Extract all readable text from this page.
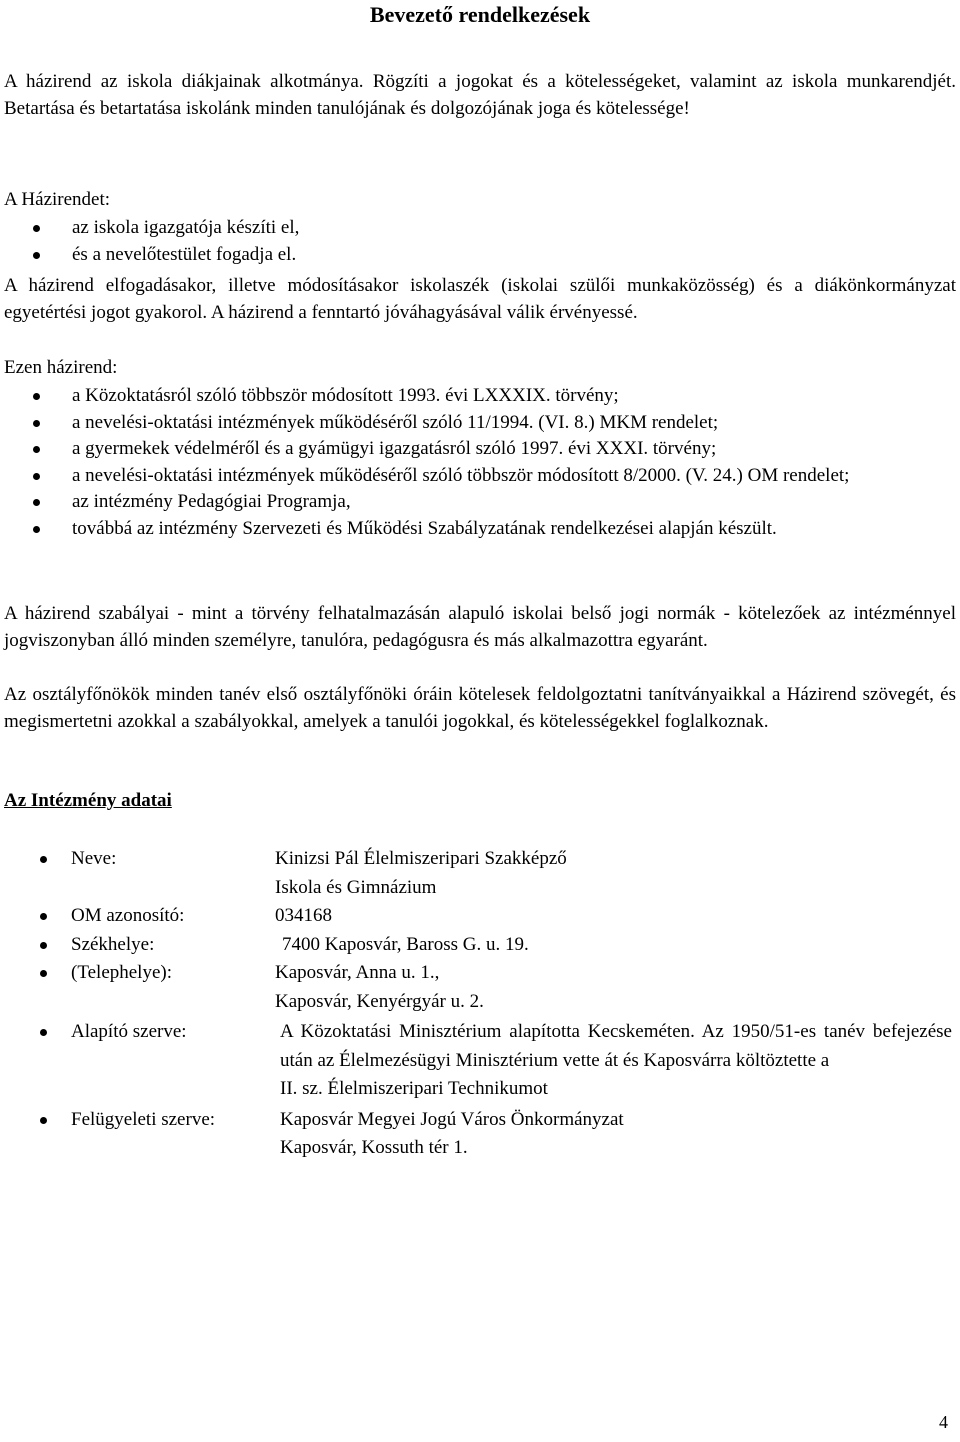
Bevezető rendelkezések
A házirend az iskola diákjainak alkotmánya. Rögzíti a jogokat és a kötelességeket, valamint az iskola munkarendjét. Betartása és betartatása iskolánk minden tanulójának és dolgozójának joga és kötelessége!
A Házirendet:
az iskola igazgatója készíti el,
és a nevelőtestület fogadja el.
A házirend elfogadásakor, illetve módosításakor iskolaszék (iskolai szülői munkaközösség) és a diákönkormányzat egyetértési jogot gyakorol. A házirend a fenntartó jóváhagyásával válik érvényessé.
Ezen házirend:
a Közoktatásról szóló többször módosított 1993. évi LXXXIX. törvény;
a nevelési-oktatási intézmények működéséről szóló 11/1994. (VI. 8.) MKM rendelet;
a gyermekek védelméről és a gyámügyi igazgatásról szóló 1997. évi XXXI. törvény;
a nevelési-oktatási intézmények működéséről szóló többször módosított 8/2000. (V. 24.) OM rendelet;
az intézmény Pedagógiai Programja,
továbbá az intézmény Szervezeti és Működési Szabályzatának rendelkezései alapján készült.
A házirend szabályai - mint a törvény felhatalmazásán alapuló iskolai belső jogi normák - kötelezőek az intézménnyel jogviszonyban álló minden személyre, tanulóra, pedagógusra és más alkalmazottra egyaránt.
Az osztályfőnökök minden tanév első osztályfőnöki óráin kötelesek feldolgoztatni tanítványaikkal a Házirend szövegét, és megismertetni azokkal a szabályokkal, amelyek a tanulói jogokkal, és kötelességekkel foglalkoznak.
Az Intézmény adatai
Neve:	Kinizsi Pál Élelmiszeripari Szakképző
Iskola és Gimnázium
OM azonosító:	034168
Székhelye:	7400 Kaposvár, Baross G. u. 19.
(Telephelye):	Kaposvár, Anna u. 1.,
Kaposvár, Kenyérgyár u. 2.
Alapító szerve:	A Közoktatási Minisztérium alapította Kecskeméten. Az 1950/51-es tanév befejezése után az Élelmezésügyi Minisztérium vette át és Kaposvárra költöztette a
II. sz. Élelmiszeripari Technikumot
Felügyeleti szerve:	Kaposvár Megyei Jogú Város Önkormányzat
Kaposvár, Kossuth tér 1.
4
